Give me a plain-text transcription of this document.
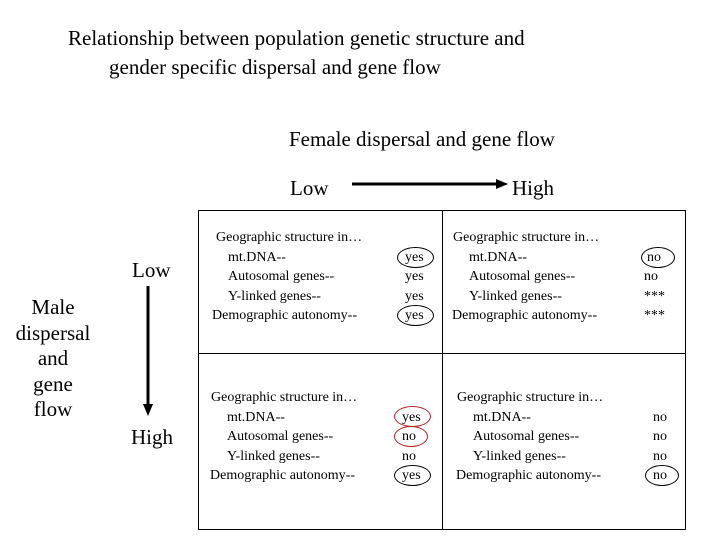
Relationship between population genetic structure and
gender specific dispersal and gene flow
Female dispersal and gene flow
Low	High
Male
dispersal
and
gene
flow
Low
High
Geographic structure in…
mt.DNA--	yes
Autosomal genes--	yes
Y-linked genes--	yes
Demographic autonomy--	yes
Geographic structure in…
mt.DNA--	no
Autosomal genes--	no
Y-linked genes--	***
Demographic autonomy--	***
Geographic structure in…
mt.DNA--	yes
Autosomal genes--	no
Y-linked genes--	no
Demographic autonomy--	yes
Geographic structure in…
mt.DNA--	no
Autosomal genes--	no
Y-linked genes--	no
Demographic autonomy--	no
